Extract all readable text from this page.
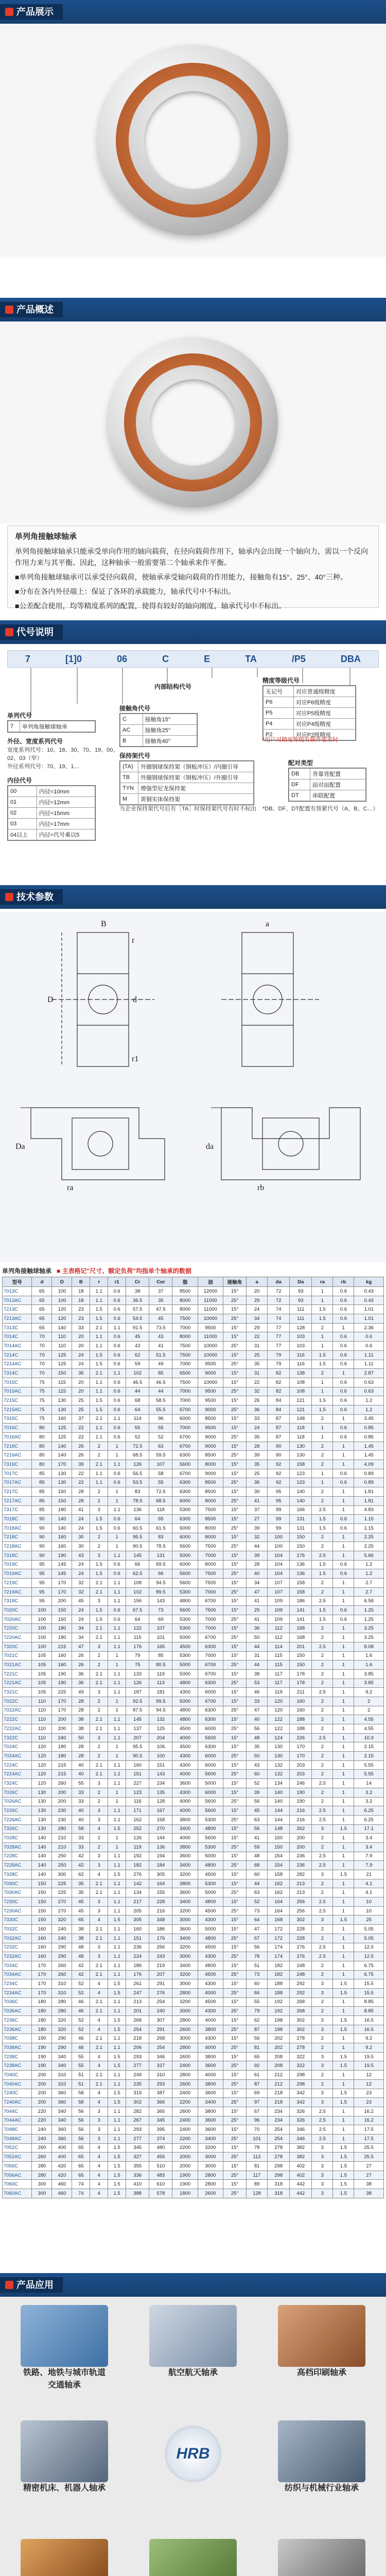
产品展示
产品概述
单列角接触球轴承

单列角接触球轴承只能承受单向作用的轴向载荷，在径向载荷作用下，轴承内会出现一个轴向力，需以一个反向作用力来与其平衡。因此，这种轴承一般需要第二个轴承来作平衡。

■单列角接触球轴承可以承受径向载荷，便轴承承受轴向载荷的作用能力，接触角有15°、25°、40°三种。

■分布在各内外径端上：保证了各环的承载能力，轴承代号中不标出。

■公差配合使用，均等精度系列的配置，使得有较好的轴向刚度，轴承代号中不标出。

代号说明
7	[1]0	06	C	E	TA	/P5	DBA
单列代号
7	单列角接触球轴承
外径、宽度系列代号
宽度系列代号：10、18、30、70、19、00、02、03（窄）
外径系列代号：70、19、1…
内径代号
00	内径=10mm
01	内径=12mm
02	内径=15mm
03	内径=17mm
04以上	内径=代号乘以5
内部结构代号
接触角代号
C	接触角15°
AC	接触角25°
B	接触角40°
保持架代号
(TA)	外圈钢球保持架（钢板冲压）/内圈引导
TB	外圈钢球保持架（钢板冲压）/外圈引导
TYN	增强型尼龙保持架
M	黄铜实体保持架
当企业保持架代号后有［TA］时保持架代号有时不标出
精度等级代号
无记号	对应普通级精度
P6	对应P6级精度
P5	对应P5级精度
P4	对应P4级精度
P2	对应P2级精度
*用户对精度等级有额外要求时
配对类型
DB	背靠背配置
DF	面对面配置
DT	串联配置
*DB、DF、DT配置有预紧代号（A、B、C…）
技术参数
D	d
B
r
r1
a
Da	da
ra	rb
单列角接触球轴承 ■ 主表格记"尺寸、额定负荷"均指单个轴承的数据
型号	d	D	B	r	r1	Cr	Cor	脂	油	接触角	a	da	Da	ra	rb	kg
7013C	65	100	18	1.1	0.6	38	37	8500	12000	15°	20	72	93	1	0.6	0.43
7013AC	65	100	18	1.1	0.6	36.5	35	8000	11000	25°	29	72	93	1	0.6	0.43
7213C	65	120	23	1.5	0.6	57.5	47.5	8000	11000	15°	24	74	111	1.5	0.6	1.01
7213AC	65	120	23	1.5	0.6	54.5	45	7500	10000	25°	34	74	111	1.5	0.6	1.01
7313C	65	140	33	2.1	1.1	91.5	73.5	7000	9500	15°	29	77	128	2	1	2.36
7014C	70	110	20	1.1	0.6	45	43	8000	11000	15°	22	77	103	1	0.6	0.6
7014AC	70	110	20	1.1	0.6	43	41	7500	10000	25°	31	77	103	1	0.6	0.6
7214C	70	125	24	1.5	0.6	62	51.5	7500	10000	15°	25	79	116	1.5	0.6	1.11
7214AC	70	125	24	1.5	0.6	59	49	7000	9500	25°	35	79	116	1.5	0.6	1.11
7314C	70	150	35	2.1	1.1	102	85	6500	9000	15°	31	82	138	2	1	2.87
7015C	75	115	20	1.1	0.6	46.5	46.5	7500	10000	15°	22	82	108	1	0.6	0.63
7015AC	75	115	20	1.1	0.6	44	44	7000	9500	25°	32	82	108	1	0.6	0.63
7215C	75	130	25	1.5	0.6	68	58.5	7000	9500	15°	26	84	121	1.5	0.6	1.2
7215AC	75	130	25	1.5	0.6	64	55.5	6700	9000	25°	36	84	121	1.5	0.6	1.2
7315C	75	160	37	2.1	1.1	114	96	6000	8500	15°	33	87	148	2	1	3.45
7016C	80	125	22	1.1	0.6	55	55	7000	9500	15°	24	87	118	1	0.6	0.85
7016AC	80	125	22	1.1	0.6	52	52	6700	9000	25°	35	87	118	1	0.6	0.85
7216C	80	140	26	2	1	72.5	63	6700	9000	15°	28	90	130	2	1	1.45
7216AC	80	140	26	2	1	68.5	59.5	6300	8500	25°	39	90	130	2	1	1.45
7316C	80	170	39	2.1	1.1	126	107	5600	8000	15°	35	92	158	2	1	4.09
7017C	85	130	22	1.1	0.6	56.5	58	6700	9000	15°	25	92	123	1	0.6	0.89
7017AC	85	130	22	1.1	0.6	53.5	55	6300	8500	25°	36	92	123	1	0.6	0.89
7217C	85	150	28	2	1	83	72.5	6300	8500	15°	30	95	140	2	1	1.81
7217AC	85	150	28	2	1	78.5	68.5	6000	8000	25°	41	95	140	2	1	1.81
7317C	85	180	41	3	1.1	136	118	5300	7500	15°	37	99	166	2.5	1	4.83
7018C	90	140	24	1.5	0.6	64	65	6300	8500	15°	27	99	131	1.5	0.6	1.15
7018AC	90	140	24	1.5	0.6	60.5	61.5	6000	8000	25°	39	99	131	1.5	0.6	1.15
7218C	90	160	30	2	1	95.5	83	6000	8000	15°	32	100	150	2	1	2.25
7218AC	90	160	30	2	1	90.5	78.5	5600	7500	25°	44	100	150	2	1	2.25
7318C	90	190	43	3	1.1	145	131	5000	7000	15°	39	104	176	2.5	1	5.66
7019C	95	145	24	1.5	0.6	66	69.5	6000	8000	15°	28	104	136	1.5	0.6	1.2
7019AC	95	145	24	1.5	0.6	62.5	66	5600	7500	25°	40	104	136	1.5	0.6	1.2
7219C	95	170	32	2.1	1.1	108	94.5	5600	7500	15°	34	107	158	2	1	2.7
7219AC	95	170	32	2.1	1.1	102	89.5	5300	7000	25°	47	107	158	2	1	2.7
7319C	95	200	45	3	1.1	156	143	4800	6700	15°	41	109	186	2.5	1	6.58
7020C	100	150	24	1.5	0.6	67.5	73	5600	7500	15°	29	109	141	1.5	0.6	1.25
7020AC	100	150	24	1.5	0.6	64	69	5300	7000	25°	41	109	141	1.5	0.6	1.25
7220C	100	180	34	2.1	1.1	122	107	5300	7000	15°	36	112	168	2	1	3.25
7220AC	100	180	34	2.1	1.1	115	101	5000	6700	25°	50	112	168	2	1	3.25
7320C	100	215	47	3	1.1	176	165	4500	6300	15°	44	114	201	2.5	1	8.08
7021C	105	160	26	2	1	79	85	5300	7000	15°	31	115	150	2	1	1.6
7021AC	105	160	26	2	1	75	80.5	5000	6700	25°	44	115	150	2	1	1.6
7221C	105	190	36	2.1	1.1	133	119	5000	6700	15°	38	117	178	2	1	3.85
7221AC	105	190	36	2.1	1.1	126	113	4800	6300	25°	53	117	178	2	1	3.85
7321C	105	225	49	3	1.1	187	181	4300	6000	15°	46	119	211	2.5	1	9.2
7022C	110	170	28	2	1	92.5	99.5	5000	6700	15°	33	120	160	2	1	2
7022AC	110	170	28	2	1	87.5	94.5	4800	6300	25°	47	120	160	2	1	2
7222C	110	200	38	2.1	1.1	145	132	4800	6300	15°	40	122	188	2	1	4.55
7222AC	110	200	38	2.1	1.1	137	125	4500	6000	25°	56	122	188	2	1	4.55
7322C	110	240	50	3	1.1	207	204	4000	5600	15°	48	124	226	2.5	1	10.9
7024C	120	180	28	2	1	95.5	106	4500	6300	15°	35	130	170	2	1	2.15
7024AC	120	180	28	2	1	90.5	100	4300	6000	25°	50	130	170	2	1	2.15
7224C	120	215	40	2.1	1.1	160	151	4300	6000	15°	43	132	203	2	1	5.55
7224AC	120	215	40	2.1	1.1	151	143	4000	5600	25°	60	132	203	2	1	5.55
7324C	120	260	55	3	1.1	227	234	3600	5000	15°	52	134	246	2.5	1	14
7026C	130	200	33	2	1	123	135	4300	6000	15°	39	140	190	2	1	3.2
7026AC	130	200	33	2	1	116	128	4000	5600	25°	56	140	190	2	1	3.2
7226C	130	230	40	3	1.1	171	167	4000	5600	15°	45	144	216	2.5	1	6.25
7226AC	130	230	40	3	1.1	162	158	3800	5300	25°	63	144	216	2.5	1	6.25
7326C	130	280	58	4	1.5	252	270	3400	4800	15°	56	148	262	3	1.5	17.1
7028C	140	210	33	2	1	126	144	4000	5600	15°	41	150	200	2	1	3.4
7028AC	140	210	33	2	1	119	136	3800	5300	25°	59	150	200	2	1	3.4
7228C	140	250	42	3	1.1	192	194	3600	5000	15°	48	154	236	2.5	1	7.9
7228AC	140	250	42	3	1.1	182	184	3400	4800	25°	68	154	236	2.5	1	7.9
7328C	140	300	62	4	1.5	276	305	3200	4500	15°	60	158	282	3	1.5	21
7030C	150	225	35	2.1	1.1	142	164	3800	5300	15°	44	162	213	2	1	4.1
7030AC	150	225	35	2.1	1.1	134	155	3600	5000	25°	63	162	213	2	1	4.1
7230C	150	270	45	3	1.1	217	228	3400	4800	15°	52	164	256	2.5	1	10
7230AC	150	270	45	3	1.1	205	216	3200	4500	25°	73	164	256	2.5	1	10
7330C	150	320	65	4	1.5	305	348	3000	4300	15°	64	168	302	3	1.5	25
7032C	160	240	38	2.1	1.1	160	186	3600	5000	15°	47	172	228	2	1	5.05
7032AC	160	240	38	2.1	1.1	151	176	3400	4800	25°	67	172	228	2	1	5.05
7232C	160	290	48	3	1.1	236	256	3200	4500	15°	56	174	276	2.5	1	12.5
7232AC	160	290	48	3	1.1	224	243	3000	4300	25°	78	174	276	2.5	1	12.5
7034C	170	260	42	2.1	1.1	186	219	3400	4800	15°	51	182	248	2	1	6.75
7034AC	170	260	42	2.1	1.1	176	207	3200	4500	25°	73	182	248	2	1	6.75
7234C	170	310	52	4	1.5	261	291	3000	4300	15°	60	188	292	3	1.5	15.5
7234AC	170	310	52	4	1.5	247	276	2800	4000	25°	84	188	292	3	1.5	15.5
7036C	180	280	46	2.1	1.1	213	254	3200	4500	15°	55	192	268	2	1	8.85
7036AC	180	280	46	2.1	1.1	201	240	3000	4300	25°	79	192	268	2	1	8.85
7236C	180	320	52	4	1.5	268	307	2800	4000	15°	62	198	302	3	1.5	16.5
7236AC	180	320	52	4	1.5	254	291	2600	3800	25°	87	198	302	3	1.5	16.5
7038C	190	290	46	2.1	1.1	218	268	3000	4300	15°	56	202	278	2	1	9.2
7038AC	190	290	46	2.1	1.1	206	254	2800	4000	25°	81	202	278	2	1	9.2
7238C	190	340	55	4	1.5	293	346	2600	3800	15°	65	208	322	3	1.5	19.5
7238AC	190	340	55	4	1.5	277	327	2400	3600	25°	92	208	322	3	1.5	19.5
7040C	200	310	51	2.1	1.1	249	310	2800	4000	15°	61	212	298	2	1	12
7040AC	200	310	51	2.1	1.1	235	293	2600	3800	25°	87	212	298	2	1	12
7240C	200	360	58	4	1.5	319	387	2400	3600	15°	69	218	342	3	1.5	23
7240AC	200	360	58	4	1.5	302	366	2200	3400	25°	97	218	342	3	1.5	23
7044C	220	340	56	3	1.1	282	365	2600	3800	15°	67	234	326	2.5	1	16.2
7044AC	220	340	56	3	1.1	267	345	2400	3600	25°	96	234	326	2.5	1	16.2
7048C	240	360	56	3	1.1	293	395	2400	3600	15°	70	254	346	2.5	1	17.5
7048AC	240	360	56	3	1.1	277	374	2200	3400	25°	101	254	346	2.5	1	17.5
7052C	260	400	65	4	1.5	345	480	2200	3200	15°	78	278	382	3	1.5	25.5
7052AC	260	400	65	4	1.5	327	455	2000	3000	25°	112	278	382	3	1.5	25.5
7056C	280	420	65	4	1.5	355	510	2000	3000	15°	81	298	402	3	1.5	27
7056AC	280	420	65	4	1.5	336	483	1900	2800	25°	117	298	402	3	1.5	27
7060C	300	460	74	4	1.5	410	610	1900	2800	15°	89	318	442	3	1.5	38
7060AC	300	460	74	4	1.5	388	578	1800	2600	25°	128	318	442	3	1.5	38
产品应用
铁路、地铁与城市轨道交通轴承
航空航天轴承	高档印刷轴承
精密机床、机器人轴承
HRB
纺织与机械行业轴承
